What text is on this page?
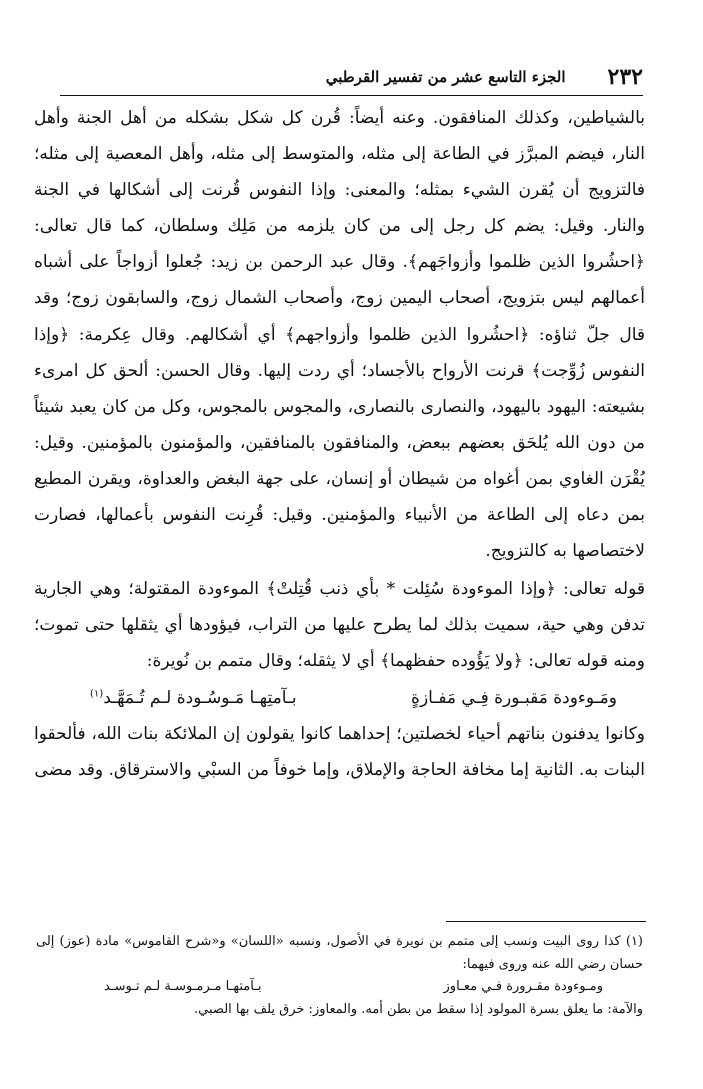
٢٣٢
الجزء التاسع عشر من تفسير القرطبي

بالشياطين، وكذلك المنافقون. وعنه أيضاً: قُرن كل شكل بشكله من أهل الجنة وأهل النار، فيضم المبرَّز في الطاعة إلى مثله، والمتوسط إلى مثله، وأهل المعصية إلى مثله؛ فالتزويج أن يُقرن الشيء بمثله؛ والمعنى: وإذا النفوس قُرنت إلى أشكالها في الجنة والنار. وقيل: يضم كل رجل إلى من كان يلزمه من مَلِك وسلطان، كما قال تعالى: ﴿احشُروا الذين ظلموا وأزواجَهم﴾. وقال عبد الرحمن بن زيد: جُعلوا أزواجاً على أشباه أعمالهم ليس بتزويج، أصحاب اليمين زوج، وأصحاب الشمال زوج، والسابقون زوج؛ وقد قال جلّ ثناؤه: ﴿احشُروا الذين ظلموا وأزواجهم﴾ أي أشكالهم. وقال عِكرمة: ﴿وإذا النفوس زُوِّجت﴾ قرنت الأرواح بالأجساد؛ أي ردت إليها. وقال الحسن: ألحق كل امرىء بشيعته: اليهود باليهود، والنصارى بالنصارى، والمجوس بالمجوس، وكل من كان يعبد شيئاً من دون الله يُلحَق بعضهم ببعض، والمنافقون بالمنافقين، والمؤمنون بالمؤمنين. وقيل: يُقْرَن الغاوي بمن أغواه من شيطان أو إنسان، على جهة البغض والعداوة، ويقرن المطيع بمن دعاه إلى الطاعة من الأنبياء والمؤمنين. وقيل: قُرِنت النفوس بأعمالها، فصارت لاختصاصها به كالتزويج.

قوله تعالى: ﴿وإذا الموءودة سُئِلت * بأي ذنب قُتِلتْ﴾ الموءودة المقتولة؛ وهي الجارية تدفن وهي حية، سميت بذلك لما يطرح عليها من التراب، فيؤودها أي يثقلها حتى تموت؛ ومنه قوله تعالى: ﴿ولا يَؤُوده حفظهما﴾ أي لا يثقله؛ وقال متمم بن نُويرة:

ومَـوءودة مَقبـورة فِـي مَفـازةٍ
بـآمتِهـا مَـوسُـودة لـم تُـمَهَّـد$^{(١)}$

وكانوا يدفنون بناتهم أحياء لخصلتين؛ إحداهما كانوا يقولون إن الملائكة بنات الله، فألحقوا البنات به. الثانية إما مخافة الحاجة والإملاق، وإما خوفاً من السبْي والاسترقاق. وقد مضى

(١) كذا روى البيت ونسب إلى متمم بن نويرة في الأصول، ونسبه «اللسان» و«شرح القاموس» مادة (عوز) إلى حسان رضي الله عنه وروى فيهما:

ومـوءودة مقـرورة فـي معـاوز
بـآمتهـا مـرمـوسـة لـم تـوسـد

والآمة: ما يعلق بسرة المولود إذا سقط من بطن أمه. والمعاوز: خرق يلف بها الصبي.
